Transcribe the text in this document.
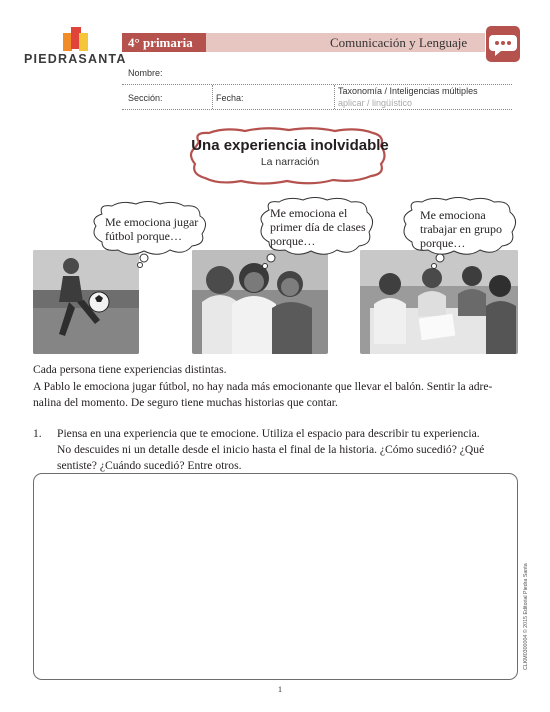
PIEDRASANTA
4° primaria	Comunicación y Lenguaje
Nombre:
Sección:	Fecha:
Taxonomía / Inteligencias múltiples
aplicar / lingüístico
Una experiencia inolvidable
La narración
Me emociona jugar
fútbol porque…
Me emociona el
primer día de clases
porque…
Me emociona
trabajar en grupo
porque…
Cada persona tiene experiencias distintas.
A Pablo le emociona jugar fútbol, no hay nada más emocionante que llevar el balón. Sentir la adre-
nalina del momento. De seguro tiene muchas historias que contar.
1. Piensa en una experiencia que te emocione. Utiliza el espacio para describir tu experiencia.
No descuides ni un detalle desde el inicio hasta el final de la historia. ¿Cómo sucedió? ¿Qué
sentiste? ¿Cuándo sucedió? Entre otros.
CLKM0300004 © 2015 Editorial Piedra Santa
1
